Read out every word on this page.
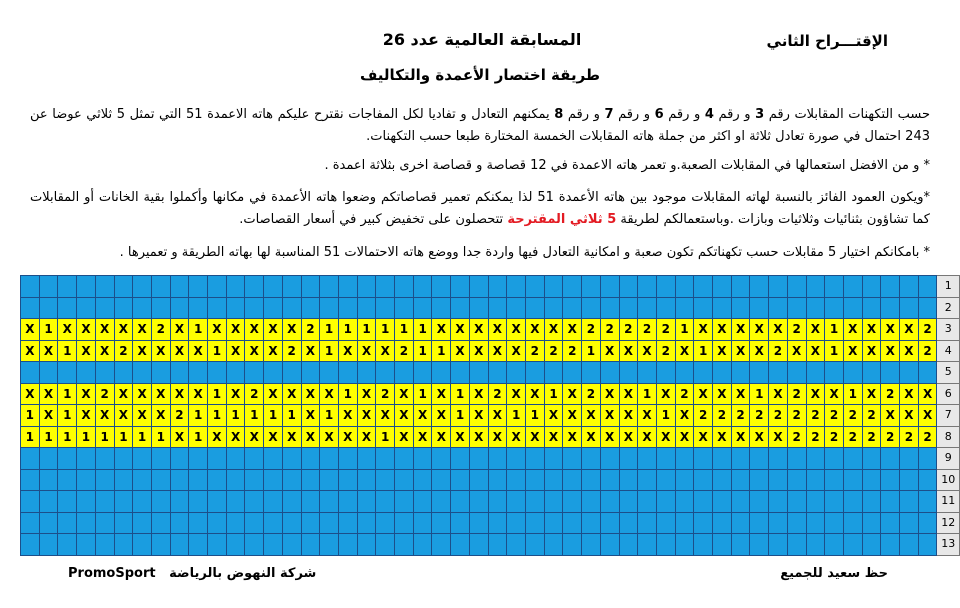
الإقتـــراح الثاني
المسابقة العالمية عدد 26
طريقة اختصار الأعمدة والتكاليف
حسب التكهنات المقابلات رقم 3 و رقم 4 و رقم 6 و رقم 7 و رقم 8 يمكنهم التعادل و تفاديا لكل المفاجات نقترح عليكم هاته الاعمدة 51 التي تمثل 5 ثلاثي عوضا عن 243 احتمال في صورة تعادل ثلاثة او اكثر من جملة هاته المقابلات الخمسة المختارة طبعا حسب التكهنات.
* و من الافضل استعمالها في المقابلات الصعبة.و تعمر هاته الاعمدة في 12 قصاصة و قصاصة اخرى بثلاثة اعمدة .
*ويكون العمود الفائز بالنسبة لهاته المقابلات موجود بين هاته الأعمدة 51 لذا يمكنكم تعمير قصاصاتكم وضعوا هاته الأعمدة في مكانها وأكملوا بقية الخانات أو المقابلات كما تشاؤون بثنائيات وثلاثيات وبازات .وباستعمالكم لطريقة 5 ثلاثي المقترحة تتحصلون على تخفيض كبير في أسعار القصاصات.
* بامكانكم اختيار 5 مقابلات حسب تكهناتكم تكون صعبة و امكانية التعادل فيها واردة جدا ووضع هاته الاحتمالات 51 المناسبة لها بهاته الطريقة و تعميرها .
																																																	1
																																																	2
X	1	X	X	X	X	X	2	X	1	X	X	X	X	X	2	1	1	1	1	1	1	X	X	X	X	X	X	X	X	2	2	2	2	2	1	X	X	X	X	X	2	X	1	X	X	X	X	2	3
X	X	1	X	X	2	X	X	X	X	1	X	X	X	2	X	1	X	X	X	2	1	1	X	X	X	X	2	2	2	1	X	X	X	2	X	1	X	X	X	2	X	X	1	X	X	X	X	2	4
																																																	5
X	X	1	X	2	X	X	X	X	X	1	X	2	X	X	X	X	1	X	2	X	1	X	1	X	2	X	X	1	X	2	X	X	1	X	2	X	X	X	1	X	2	X	X	1	X	2	X	X	6
1	X	1	X	X	X	X	X	2	1	1	1	1	1	1	X	1	X	X	X	X	X	X	1	X	X	1	1	X	X	X	X	X	X	1	X	2	2	2	2	2	2	2	2	2	2	X	X	X	7
1	1	1	1	1	1	1	1	X	1	X	X	X	X	X	X	X	X	X	1	X	X	X	X	X	X	X	X	X	X	X	X	X	X	X	X	X	X	X	X	X	2	2	2	2	2	2	2	2	8
																																																	9
																																																	10
																																																	11
																																																	12
																																																	13
PromoSport شركة النهوض بالرياضة	حظ سعيد للجميع
